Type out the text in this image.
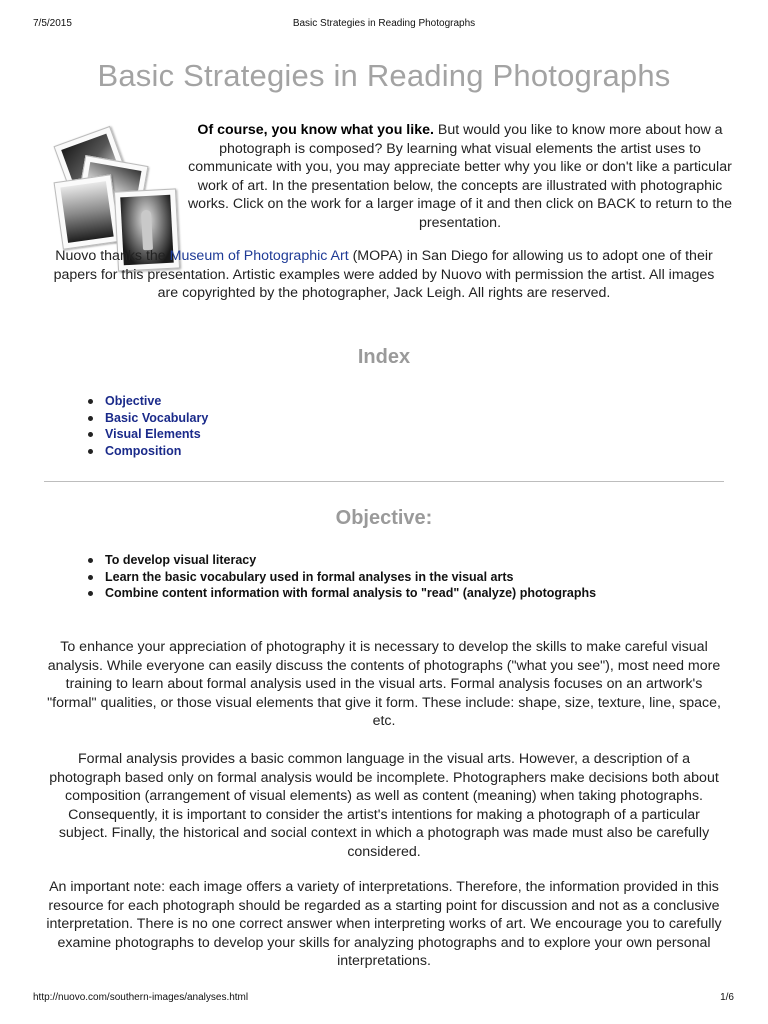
7/5/2015	Basic Strategies in Reading Photographs
Basic Strategies in Reading Photographs

Of course, you know what you like. But would you like to know more about how a photograph is composed? By learning what visual elements the artist uses to communicate with you, you may appreciate better why you like or don't like a particular work of art. In the presentation below, the concepts are illustrated with photographic works. Click on the work for a larger image of it and then click on BACK to return to the presentation.

Nuovo thanks the Museum of Photographic Art (MOPA) in San Diego for allowing us to adopt one of their papers for this presentation. Artistic examples were added by Nuovo with permission the artist. All images are copyrighted by the photographer, Jack Leigh. All rights are reserved.

Index
Objective
Basic Vocabulary
Visual Elements
Composition
Objective:
To develop visual literacy
Learn the basic vocabulary used in formal analyses in the visual arts
Combine content information with formal analysis to "read" (analyze) photographs

To enhance your appreciation of photography it is necessary to develop the skills to make careful visual analysis. While everyone can easily discuss the contents of photographs ("what you see"), most need more training to learn about formal analysis used in the visual arts. Formal analysis focuses on an artwork's "formal" qualities, or those visual elements that give it form. These include: shape, size, texture, line, space, etc.

Formal analysis provides a basic common language in the visual arts. However, a description of a photograph based only on formal analysis would be incomplete. Photographers make decisions both about composition (arrangement of visual elements) as well as content (meaning) when taking photographs. Consequently, it is important to consider the artist's intentions for making a photograph of a particular subject. Finally, the historical and social context in which a photograph was made must also be carefully considered.

An important note: each image offers a variety of interpretations. Therefore, the information provided in this resource for each photograph should be regarded as a starting point for discussion and not as a conclusive interpretation. There is no one correct answer when interpreting works of art. We encourage you to carefully examine photographs to develop your skills for analyzing photographs and to explore your own personal interpretations.

http://nuovo.com/southern-images/analyses.html	1/6
